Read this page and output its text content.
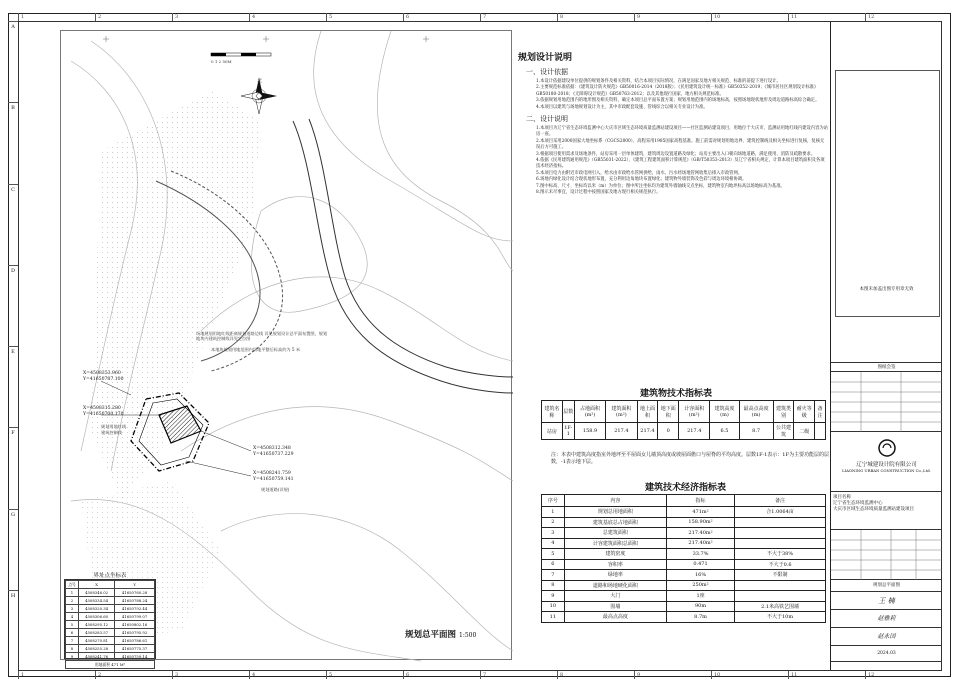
1	2	3	4	5	6	7	8	9	10	11	12
1	2	3	4	5	6	7	8	9	10	11	12
A
B
C
D
E
F
G
H
X=4508353.960
Y=41650787.100
X=4508315.280
Y=41650700.170
X=4508312.348
Y=41650737.229
X=4508241.759
Y=41650759.141
场地规划用地红线距离规划道路边线 详见规划设计总平面布置图，规划地块内建筑控制线详见定位图
本地块规划用地范围内场地平整后标高约为 5 米
规划用地红线
建筑控制线
规划道路(详规)
北
0 1 2 50M
界址点坐标表
点号	X	Y
1	4508346.02	41650760.28
2	4508334.54	41650788.24
3	4508320.34	41650792.44
4	4508306.60	41650799.07
5	4508295.12	41650802.16
6	4508283.57	41650795.92
7	4508270.81	41650786.61
8	4508255.28	41650775.37
9	4508241.76	41650759.14
用地面积 471 M²		
规划总平面图 1:500
规划设计说明
一、设计依据
1.本设计依据建设单位提供的规划条件及相关资料，结合本项目实际情况，在满足国家及地方相关规范、标准的前提下进行设计。
2.主要规范标准依据：《建筑设计防火规范》GB50016-2014（2018版）；《民用建筑设计统一标准》GB50352-2019；《城市居住区规划设计标准》GB50180-2018；《无障碍设计规范》GB50763-2012；以及其他现行国家、地方相关规范标准。
3.依据规划用地范围内的地形图及相关资料，确定本项目总平面布置方案；规划用地范围内的场地标高，按照场地现状地形及周边道路标高综合确定。
4.本项目以建筑与场地规划设计为主，其中市政配套设施、管线综合以相关专业设计为准。
二、设计说明
1.本项目为辽宁省生态环境监测中心大庆市区域生态环境质量监测站建设项目——社区监测站建设项目，用地位于大庆市，监测站用地红线内建设内容为站房一座。
2.本项目采用2000国家大地坐标系（CGCS2000），高程采用1985国家高程基准。施工前需对规划用地边界、建筑控制线及相关坐标进行复核，复核无误后方可施工。
3.根据项目使用需求及场地条件，站房采用一层单体建筑，建筑周边设置道路及绿化；站房主要出入口朝向场地道路，满足使用、消防及疏散要求。
4.依据《民用建筑通用规范》（GB55031-2022）、《建筑工程建筑面积计算规范》（GB/T50353-2013）及辽宁省相关规定，计算本项目建筑面积及各项技术经济指标。
5.本项目电力由附近市政电网引入，给水由市政给水管网供给，雨水、污水经场地管网收集后排入市政管网。
6.场地内绿化设计结合现状地形布置，充分利用边角地块布置绿化；建筑物外墙装饰及色彩与周边环境相协调。
7.图中标高、尺寸、坐标均以米（m）为单位；图中所注坐标均为建筑外墙轴线交点坐标，建筑物室内地坪标高以场地标高为基准。
8.图示未尽事宜，设计过程中按照国家及地方现行相关规范执行。
建筑物技术指标表
建筑名称	层数	占地面积(m²)	建筑面积(m²)	地上面积	地下面积	计容面积(m²)	建筑高度(m)	最高点高度(m)	建筑类别	耐火等级	备注
站房	1F-1	158.9	217.4	217.4	0	217.4	6.5	8.7	公共建筑	二级	
注：本表中建筑高度指室外地坪至平屋面女儿墙顶高度或坡屋面檐口与屋脊的平均高度。层数1F-1表示：1F为主要功能层的层数，-1表示地下层。
建筑技术经济指标表
序号	内容	指标	备注
1	规划总用地面积	471m²	合1.0064亩
2	建筑基底总占地面积	158.90m²	
3	总建筑面积	217.40m²	
4	计容建筑面积总面积	217.40m²	
5	建筑密度	33.7%	不大于38%
6	容积率	0.471	不大于0.6
7	绿地率	16%	不限制
8	道路和场地硬化面积	250m²	
9	大门	1座	
10	围墙	90m	2.1米高铁艺围墙
11	最高点高度	8.7m	不大于10m
本图未加盖出图专用章无效
图纸会签
辽宁城建设计院有限公司
LIAONING URBAN CONSTRUCTION Co.,Ltd.
项目名称
辽宁省生态环境监测中心
大庆市区域生态环境质量监测站建设项目
规划总平面图
王 楠
赵雅莉
赵永国
2024.03
